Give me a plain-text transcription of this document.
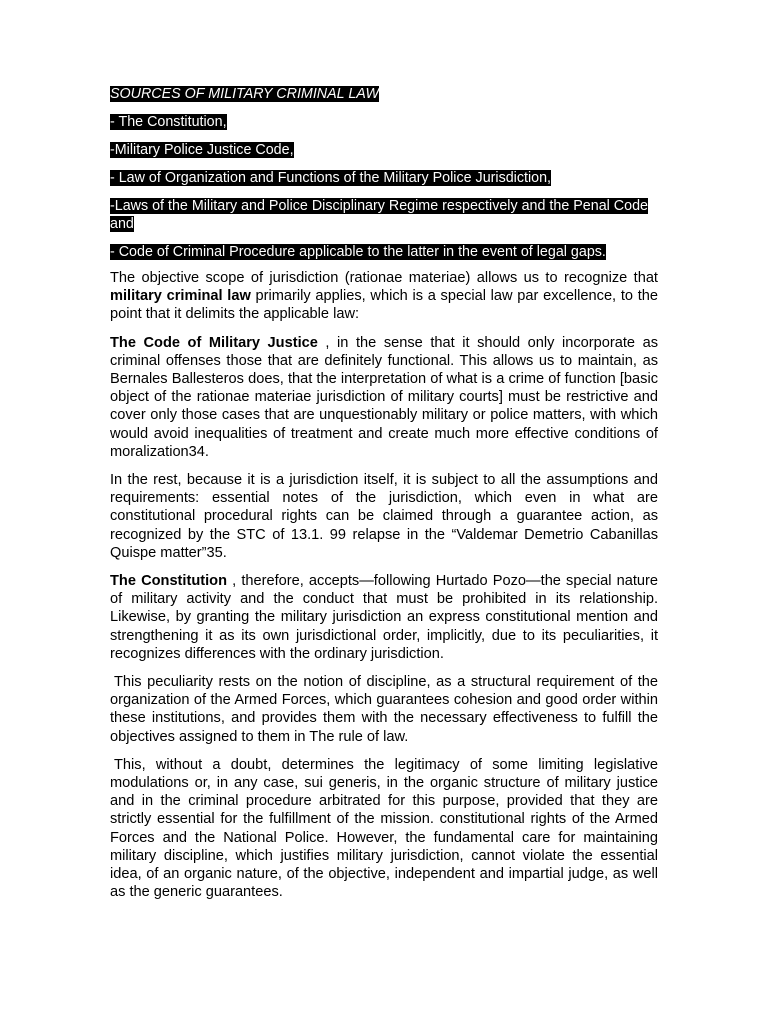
SOURCES OF MILITARY CRIMINAL LAW

- The Constitution,

-Military Police Justice Code,

- Law of Organization and Functions of the Military Police Jurisdiction,

-Laws of the Military and Police Disciplinary Regime respectively and the Penal Code and

- Code of Criminal Procedure applicable to the latter in the event of legal gaps.

The objective scope of jurisdiction (rationae materiae) allows us to recognize that military criminal law primarily applies, which is a special law par excellence, to the point that it delimits the applicable law:

The Code of Military Justice , in the sense that it should only incorporate as criminal offenses those that are definitely functional. This allows us to maintain, as Bernales Ballesteros does, that the interpretation of what is a crime of function [basic object of the rationae materiae jurisdiction of military courts] must be restrictive and cover only those cases that are unquestionably military or police matters, with which would avoid inequalities of treatment and create much more effective conditions of moralization34.

In the rest, because it is a jurisdiction itself, it is subject to all the assumptions and requirements: essential notes of the jurisdiction, which even in what are constitutional procedural rights can be claimed through a guarantee action, as recognized by the STC of 13.1. 99 relapse in the “Valdemar Demetrio Cabanillas Quispe matter”35.

The Constitution , therefore, accepts—following Hurtado Pozo—the special nature of military activity and the conduct that must be prohibited in its relationship. Likewise, by granting the military jurisdiction an express constitutional mention and strengthening it as its own jurisdictional order, implicitly, due to its peculiarities, it recognizes differences with the ordinary jurisdiction.

This peculiarity rests on the notion of discipline, as a structural requirement of the organization of the Armed Forces, which guarantees cohesion and good order within these institutions, and provides them with the necessary effectiveness to fulfill the objectives assigned to them in The rule of law.

This, without a doubt, determines the legitimacy of some limiting legislative modulations or, in any case, sui generis, in the organic structure of military justice and in the criminal procedure arbitrated for this purpose, provided that they are strictly essential for the fulfillment of the mission. constitutional rights of the Armed Forces and the National Police. However, the fundamental care for maintaining military discipline, which justifies military jurisdiction, cannot violate the essential idea, of an organic nature, of the objective, independent and impartial judge, as well as the generic guarantees.
